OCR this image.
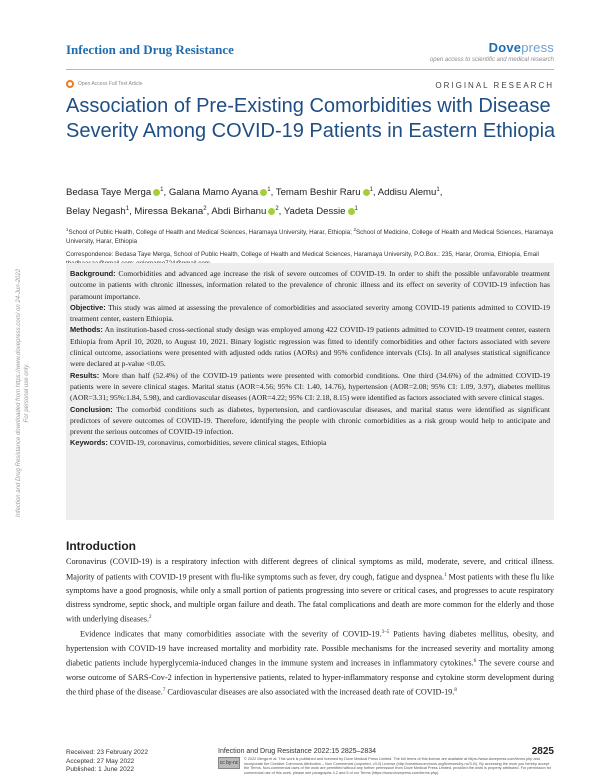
Infection and Drug Resistance	Dovepress
open access to scientific and medical research
Open Access Full Text Article	ORIGINAL RESEARCH
Association of Pre-Existing Comorbidities with Disease Severity Among COVID-19 Patients in Eastern Ethiopia
Bedasa Taye Merga $^1$, Galana Mamo Ayana $^1$, Temam Beshir Raru $^1$, Addisu Alemu$^1$,
Belay Negash$^1$, Miressa Bekana$^2$, Abdi Birhanu $^2$, Yadeta Dessie $^1$
$^1$School of Public Health, College of Health and Medical Sciences, Haramaya University, Harar, Ethiopia; $^2$School of Medicine, College of Health and Medical Sciences, Haramaya University, Harar, Ethiopia
Correspondence: Bedasa Taye Merga, School of Public Health, College of Health and Medical Sciences, Haramaya University, P.O.Box.: 235, Harar, Oromia, Ethiopia, Email
Infection and Drug Resistance downloaded from https://www.dovepress.com/ on 24-Jun-2022 For personal use only.

Background: Comorbidities and advanced age increase the risk of severe outcomes of COVID-19. In order to shift the possible unfavorable treatment outcome in patients with chronic illnesses, information related to the prevalence of chronic illness and its effect on severity of COVID-19 infection has paramount importance.

Objective: This study was aimed at assessing the prevalence of comorbidities and associated severity among COVID-19 patients admitted to COVID-19 treatment center, eastern Ethiopia.

Methods: An institution-based cross-sectional study design was employed among 422 COVID-19 patients admitted to COVID-19 treatment center, eastern Ethiopia from April 10, 2020, to August 10, 2021. Binary logistic regression was fitted to identify comorbidities and other factors associated with severe clinical outcome, associations were presented with adjusted odds ratios (AORs) and 95% confidence intervals (CIs). In all analyses statistical significance were declared at p-value <0.05.

Results: More than half (52.4%) of the COVID-19 patients were presented with comorbid conditions. One third (34.6%) of the admitted COVID-19 patients were in severe clinical stages. Marital status (AOR=4.56; 95% CI: 1.40, 14.76), hypertension (AOR=2.08; 95% CI: 1.09, 3.97), diabetes mellitus (AOR=3.31; 95%:1.84, 5.98), and cardiovascular diseases (AOR=4.22; 95% CI: 2.18, 8.15) were identified as factors associated with severe clinical stages.

Conclusion: The comorbid conditions such as diabetes, hypertension, and cardiovascular diseases, and marital status were identified as significant predictors of severe outcomes of COVID-19. Therefore, identifying the people with chronic comorbidities as a risk group would help to anticipate and prevent the serious outcomes of COVID-19 infection.

Keywords: COVID-19, coronavirus, comorbidities, severe clinical stages, Ethiopia

Introduction

Coronavirus (COVID-19) is a respiratory infection with different degrees of clinical symptoms as mild, moderate, severe, and critical illness. Majority of patients with COVID-19 present with flu-like symptoms such as fever, dry cough, fatigue and dyspnea.$^1$ Most patients with these flu like symptoms have a good prognosis, while only a small portion of patients progressing into severe or critical cases, and progresses to acute respiratory distress syndrome, septic shock, and multiple organ failure and death. The fatal complications and death are more common for the elderly and those with underlying diseases.$^2$

Evidence indicates that many comorbidities associate with the severity of COVID-19.$^{3-5}$ Patients having diabetes mellitus, obesity, and hypertension with COVID-19 have increased mortality and morbidity rate. Possible mechanisms for the increased severity and mortality among diabetic patients include hyperglycemia-induced changes in the immune system and increases in inflammatory cytokines.$^6$ The severe course and worse outcome of SARS-Cov-2 infection in hypertensive patients, related to hyper-inflammatory response and cytokine storm development during the third phase of the disease.$^7$ Cardiovascular diseases are also associated with the increased death rate of COVID-19.$^8$

Received: 23 February 2022
Accepted: 27 May 2022
Published: 1 June 2022
Infection and Drug Resistance 2022:15 2825–2834	2825
cc by-nc
© 2022 Merga et al. This work is published and licensed by Dove Medical Press Limited. The full terms of this license are available at https://www.dovepress.com/terms.php and incorporate the Creative Commons Attribution – Non Commercial (unported, v3.0) License (http://creativecommons.org/licenses/by-nc/3.0/). By accessing the work you hereby accept the Terms. Non-commercial uses of the work are permitted without any further permission from Dove Medical Press Limited, provided the work is properly attributed. For permission for commercial use of this work, please see paragraphs 4.2 and 5 of our Terms (https://www.dovepress.com/terms.php).
